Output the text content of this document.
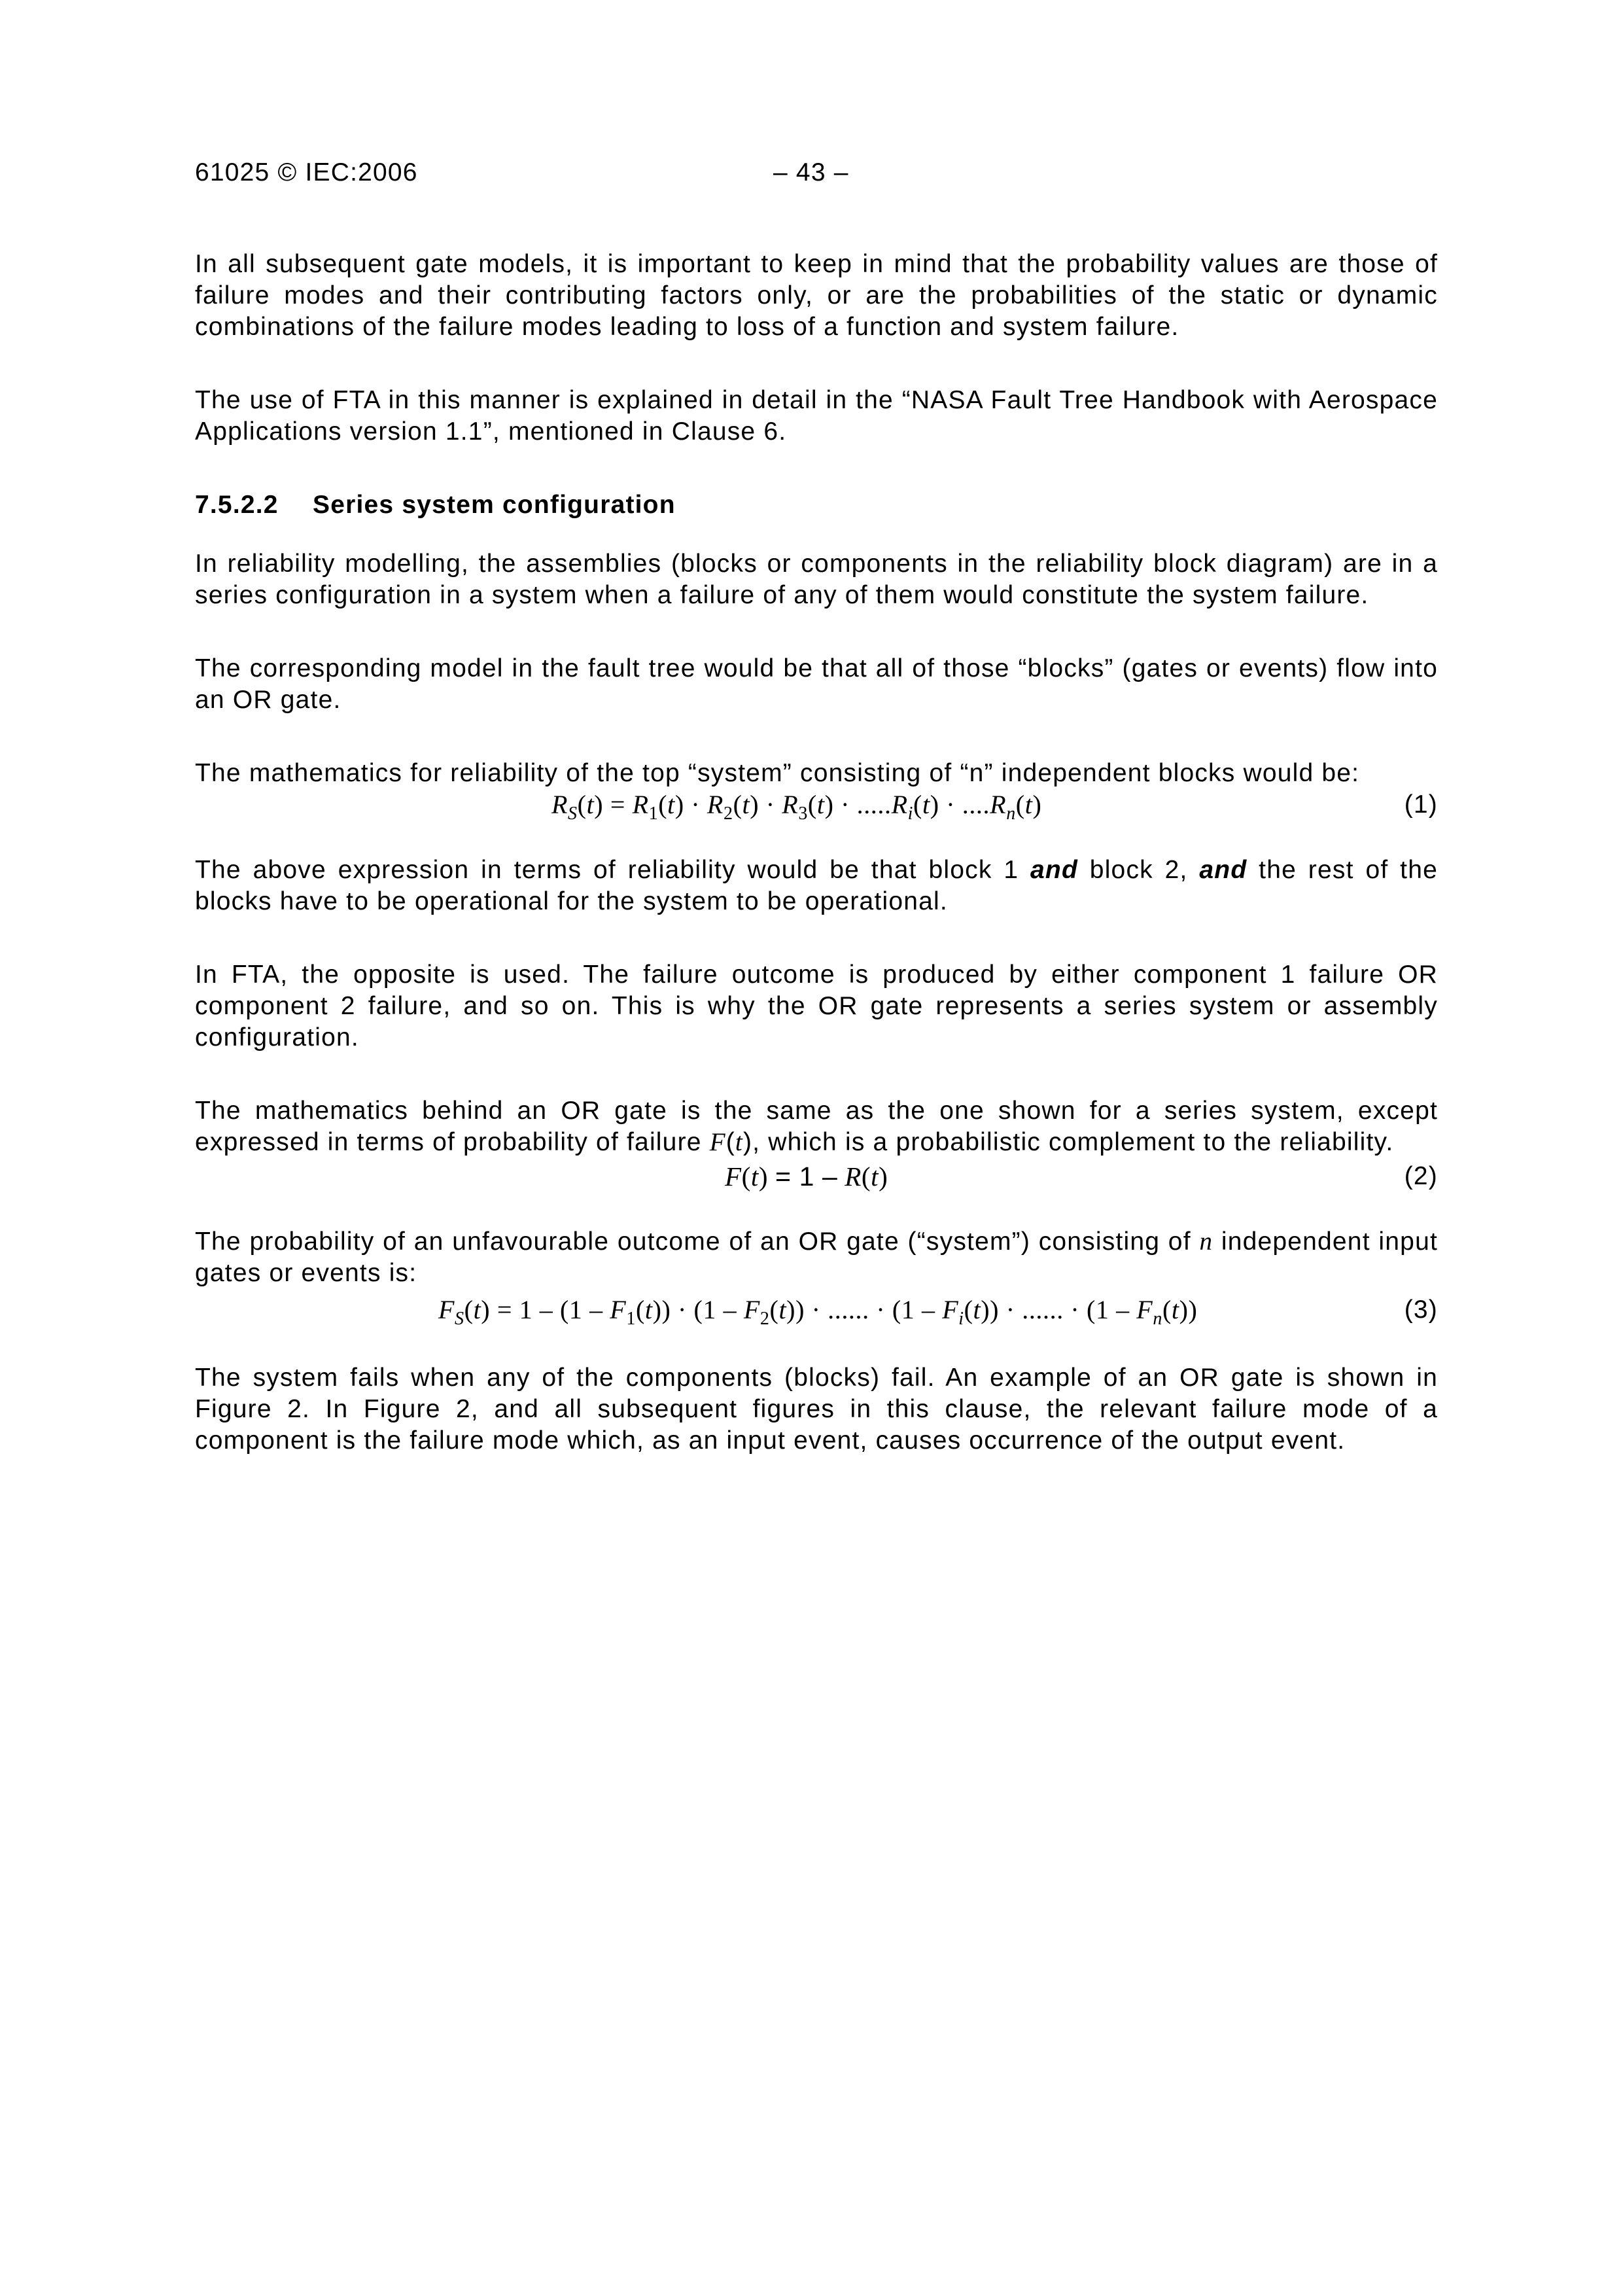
61025 © IEC:2006	– 43 –

In all subsequent gate models, it is important to keep in mind that the probability values are those of failure modes and their contributing factors only, or are the probabilities of the static or dynamic combinations of the failure modes leading to loss of a function and system failure.

The use of FTA in this manner is explained in detail in the “NASA Fault Tree Handbook with Aerospace Applications version 1.1”, mentioned in Clause 6.

7.5.2.2 Series system configuration

In reliability modelling, the assemblies (blocks or components in the reliability block diagram) are in a series configuration in a system when a failure of any of them would constitute the system failure.

The corresponding model in the fault tree would be that all of those “blocks” (gates or events) flow into an OR gate.

The mathematics for reliability of the top “system” consisting of “n” independent blocks would be:

$R_S(t) = R_1(t) \cdot R_2(t) \cdot R_3(t) \cdot .....R_i(t) \cdot ....R_n(t)$	(1)

The above expression in terms of reliability would be that block 1 and block 2, and the rest of the blocks have to be operational for the system to be operational.

In FTA, the opposite is used. The failure outcome is produced by either component 1 failure OR component 2 failure, and so on. This is why the OR gate represents a series system or assembly configuration.

The mathematics behind an OR gate is the same as the one shown for a series system, except expressed in terms of probability of failure F(t), which is a probabilistic complement to the reliability.

F(t) = 1 – R(t)	(2)

The probability of an unfavourable outcome of an OR gate (“system”) consisting of n independent input gates or events is:

$F_S(t) = 1 - (1 - F_1(t)) \cdot (1 - F_2(t))$ · ...... · $(1 - F_i(t))$ · ...... · $(1 - F_n(t))$	(3)

The system fails when any of the components (blocks) fail. An example of an OR gate is shown in Figure 2. In Figure 2, and all subsequent figures in this clause, the relevant failure mode of a component is the failure mode which, as an input event, causes occurrence of the output event.
